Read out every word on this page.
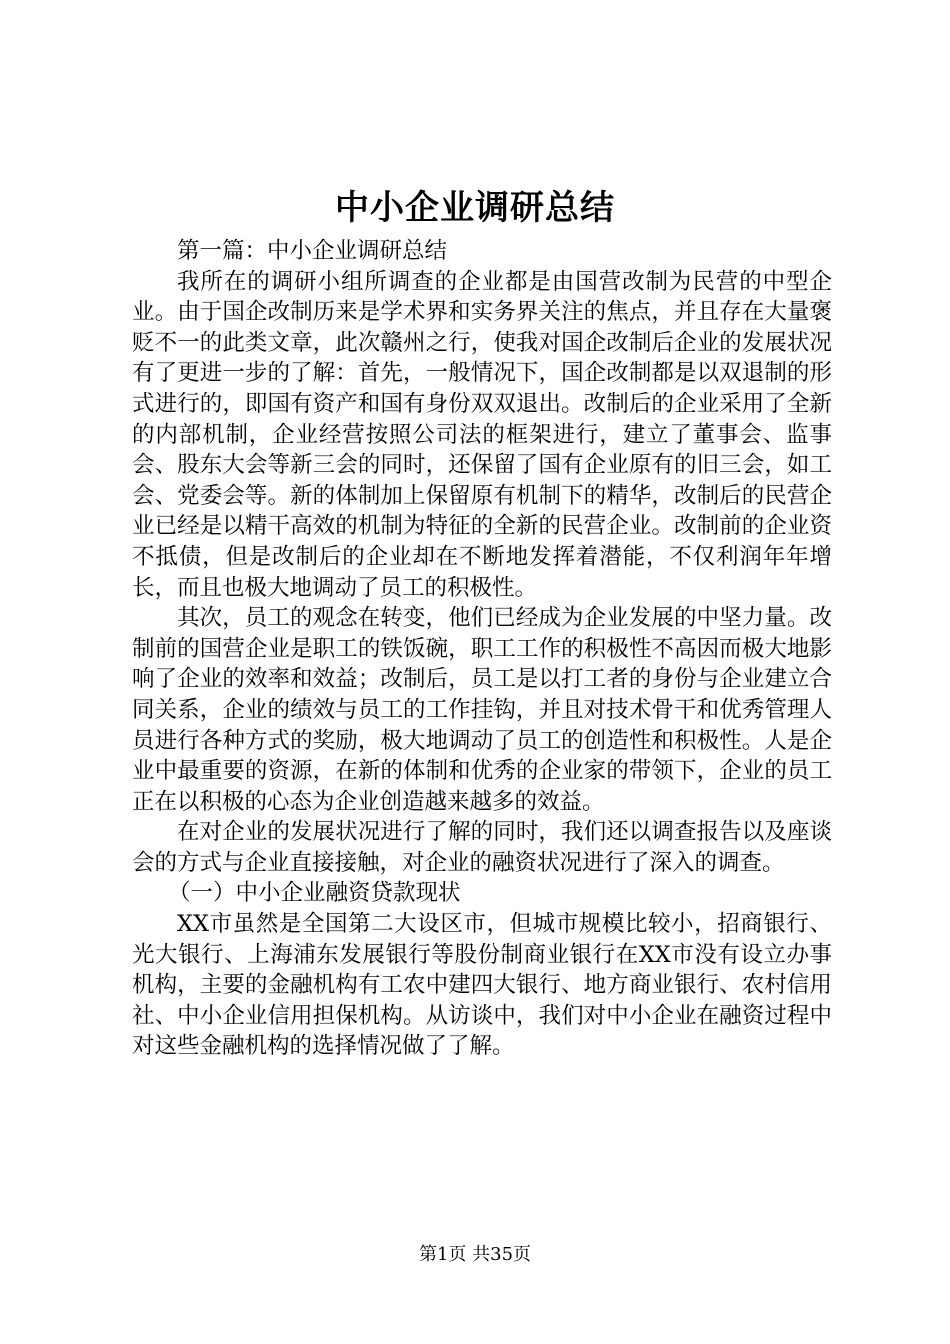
中小企业调研总结

第一篇：中小企业调研总结

我所在的调研小组所调查的企业都是由国营改制为民营的中型企业。由于国企改制历来是学术界和实务界关注的焦点，并且存在大量褒贬不一的此类文章，此次赣州之行，使我对国企改制后企业的发展状况有了更进一步的了解：首先，一般情况下，国企改制都是以双退制的形式进行的，即国有资产和国有身份双双退出。改制后的企业采用了全新的内部机制，企业经营按照公司法的框架进行，建立了董事会、监事会、股东大会等新三会的同时，还保留了国有企业原有的旧三会，如工会、党委会等。新的体制加上保留原有机制下的精华，改制后的民营企业已经是以精干高效的机制为特征的全新的民营企业。改制前的企业资不抵债，但是改制后的企业却在不断地发挥着潜能，不仅利润年年增长，而且也极大地调动了员工的积极性。

其次，员工的观念在转变，他们已经成为企业发展的中坚力量。改制前的国营企业是职工的铁饭碗，职工工作的积极性不高因而极大地影响了企业的效率和效益；改制后，员工是以打工者的身份与企业建立合同关系，企业的绩效与员工的工作挂钩，并且对技术骨干和优秀管理人员进行各种方式的奖励，极大地调动了员工的创造性和积极性。人是企业中最重要的资源，在新的体制和优秀的企业家的带领下，企业的员工正在以积极的心态为企业创造越来越多的效益。

在对企业的发展状况进行了解的同时，我们还以调查报告以及座谈会的方式与企业直接接触，对企业的融资状况进行了深入的调查。

（一）中小企业融资贷款现状

XX市虽然是全国第二大设区市，但城市规模比较小，招商银行、光大银行、上海浦东发展银行等股份制商业银行在XX市没有设立办事机构，主要的金融机构有工农中建四大银行、地方商业银行、农村信用社、中小企业信用担保机构。从访谈中，我们对中小企业在融资过程中对这些金融机构的选择情况做了了解。

第1页 共35页
